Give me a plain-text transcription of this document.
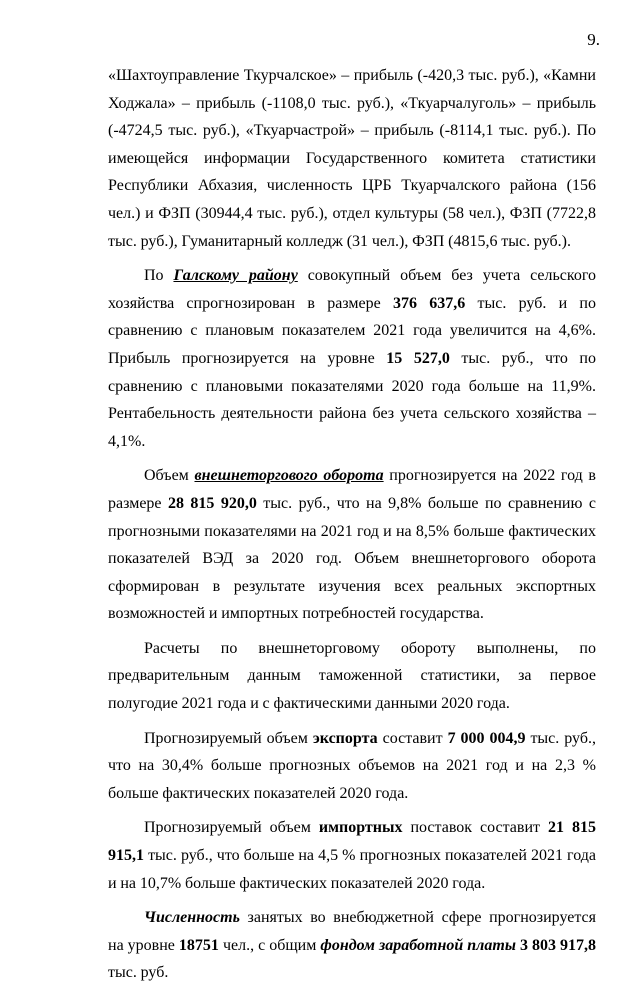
9.

«Шахтоуправление Ткурчалское» – прибыль (-420,3 тыс. руб.), «Камни Ходжала» – прибыль (-1108,0 тыс. руб.), «Ткуарчалуголь» – прибыль (-4724,5 тыс. руб.), «Ткуарчастрой» – прибыль (-8114,1 тыс. руб.). По имеющейся информации Государственного комитета статистики Республики Абхазия, численность ЦРБ Ткуарчалского района (156 чел.) и ФЗП (30944,4 тыс. руб.), отдел культуры (58 чел.), ФЗП (7722,8 тыс. руб.), Гуманитарный колледж (31 чел.), ФЗП (4815,6 тыс. руб.).

По Галскому району совокупный объем без учета сельского хозяйства спрогнозирован в размере 376 637,6 тыс. руб. и по сравнению с плановым показателем 2021 года увеличится на 4,6%. Прибыль прогнозируется на уровне 15 527,0 тыс. руб., что по сравнению с плановыми показателями 2020 года больше на 11,9%. Рентабельность деятельности района без учета сельского хозяйства – 4,1%.

Объем внешнеторгового оборота прогнозируется на 2022 год в размере 28 815 920,0 тыс. руб., что на 9,8% больше по сравнению с прогнозными показателями на 2021 год и на 8,5% больше фактических показателей ВЭД за 2020 год. Объем внешнеторгового оборота сформирован в результате изучения всех реальных экспортных возможностей и импортных потребностей государства.

Расчеты по внешнеторговому обороту выполнены, по предварительным данным таможенной статистики, за первое полугодие 2021 года и с фактическими данными 2020 года.

Прогнозируемый объем экспорта составит 7 000 004,9 тыс. руб., что на 30,4% больше прогнозных объемов на 2021 год и на 2,3 % больше фактических показателей 2020 года.

Прогнозируемый объем импортных поставок составит 21 815 915,1 тыс. руб., что больше на 4,5 % прогнозных показателей 2021 года и на 10,7% больше фактических показателей 2020 года.

Численность занятых во внебюджетной сфере прогнозируется на уровне 18751 чел., с общим фондом заработной платы 3 803 917,8 тыс. руб.
